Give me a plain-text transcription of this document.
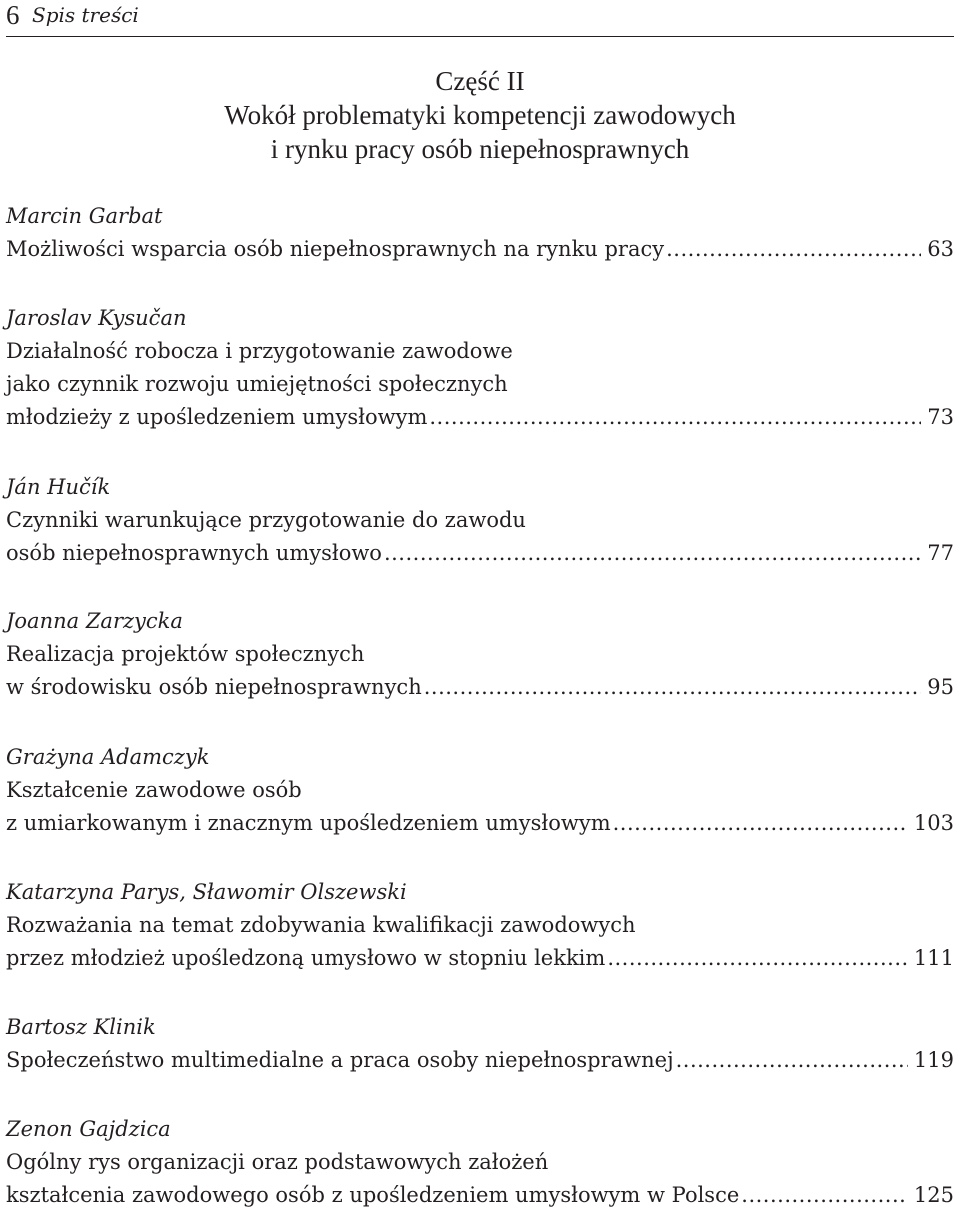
6 Spis treści
Część II
Wokół problematyki kompetencji zawodowych
i rynku pracy osób niepełnosprawnych
Marcin Garbat
Możliwości wsparcia osób niepełnosprawnych na rynku pracy .....	63
Jaroslav Kysučan
Działalność robocza i przygotowanie zawodowe
jako czynnik rozwoju umiejętności społecznych
młodzieży z upośledzeniem umysłowym .....	73
Ján Hučík
Czynniki warunkujące przygotowanie do zawodu
osób niepełnosprawnych umysłowo .....	77
Joanna Zarzycka
Realizacja projektów społecznych
w środowisku osób niepełnosprawnych .....	95
Grażyna Adamczyk
Kształcenie zawodowe osób
z umiarkowanym i znacznym upośledzeniem umysłowym .....	103
Katarzyna Parys, Sławomir Olszewski
Rozważania na temat zdobywania kwalifikacji zawodowych
przez młodzież upośledzoną umysłowo w stopniu lekkim .....	111
Bartosz Klinik
Społeczeństwo multimedialne a praca osoby niepełnosprawnej .....	119
Zenon Gajdzica
Ogólny rys organizacji oraz podstawowych założeń
kształcenia zawodowego osób z upośledzeniem umysłowym w Polsce .....	125
